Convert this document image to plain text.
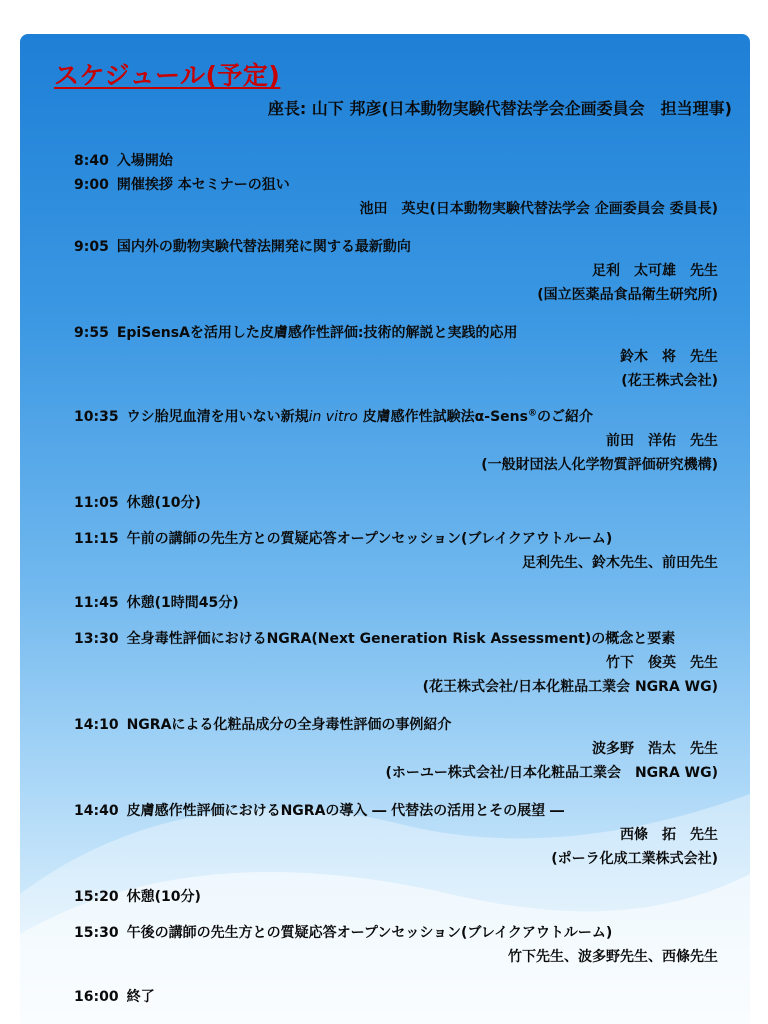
スケジュール(予定)
座長: 山下 邦彦(日本動物実験代替法学会企画委員会　担当理事)
8:40 入場開始
9:00 開催挨拶 本セミナーの狙い
池田　英史(日本動物実験代替法学会 企画委員会 委員長)
9:05 国内外の動物実験代替法開発に関する最新動向
足利　太可雄　先生
(国立医薬品食品衛生研究所)
9:55 EpiSensAを活用した皮膚感作性評価:技術的解説と実践的応用
鈴木　将　先生
(花王株式会社)
10:35 ウシ胎児血清を用いない新規in vitro 皮膚感作性試験法α-Sens®のご紹介
前田　洋佑　先生
(一般財団法人化学物質評価研究機構)
11:05 休憩(10分)
11:15 午前の講師の先生方との質疑応答オープンセッション(ブレイクアウトルーム)
足利先生、鈴木先生、前田先生
11:45 休憩(1時間45分)
13:30 全身毒性評価におけるNGRA(Next Generation Risk Assessment)の概念と要素
竹下　俊英　先生
(花王株式会社/日本化粧品工業会 NGRA WG)
14:10 NGRAによる化粧品成分の全身毒性評価の事例紹介
波多野　浩太　先生
(ホーユー株式会社/日本化粧品工業会　NGRA WG)
14:40 皮膚感作性評価におけるNGRAの導入 ― 代替法の活用とその展望 ―
西條　拓　先生
(ポーラ化成工業株式会社)
15:20 休憩(10分)
15:30 午後の講師の先生方との質疑応答オープンセッション(ブレイクアウトルーム)
竹下先生、波多野先生、西條先生
16:00 終了
